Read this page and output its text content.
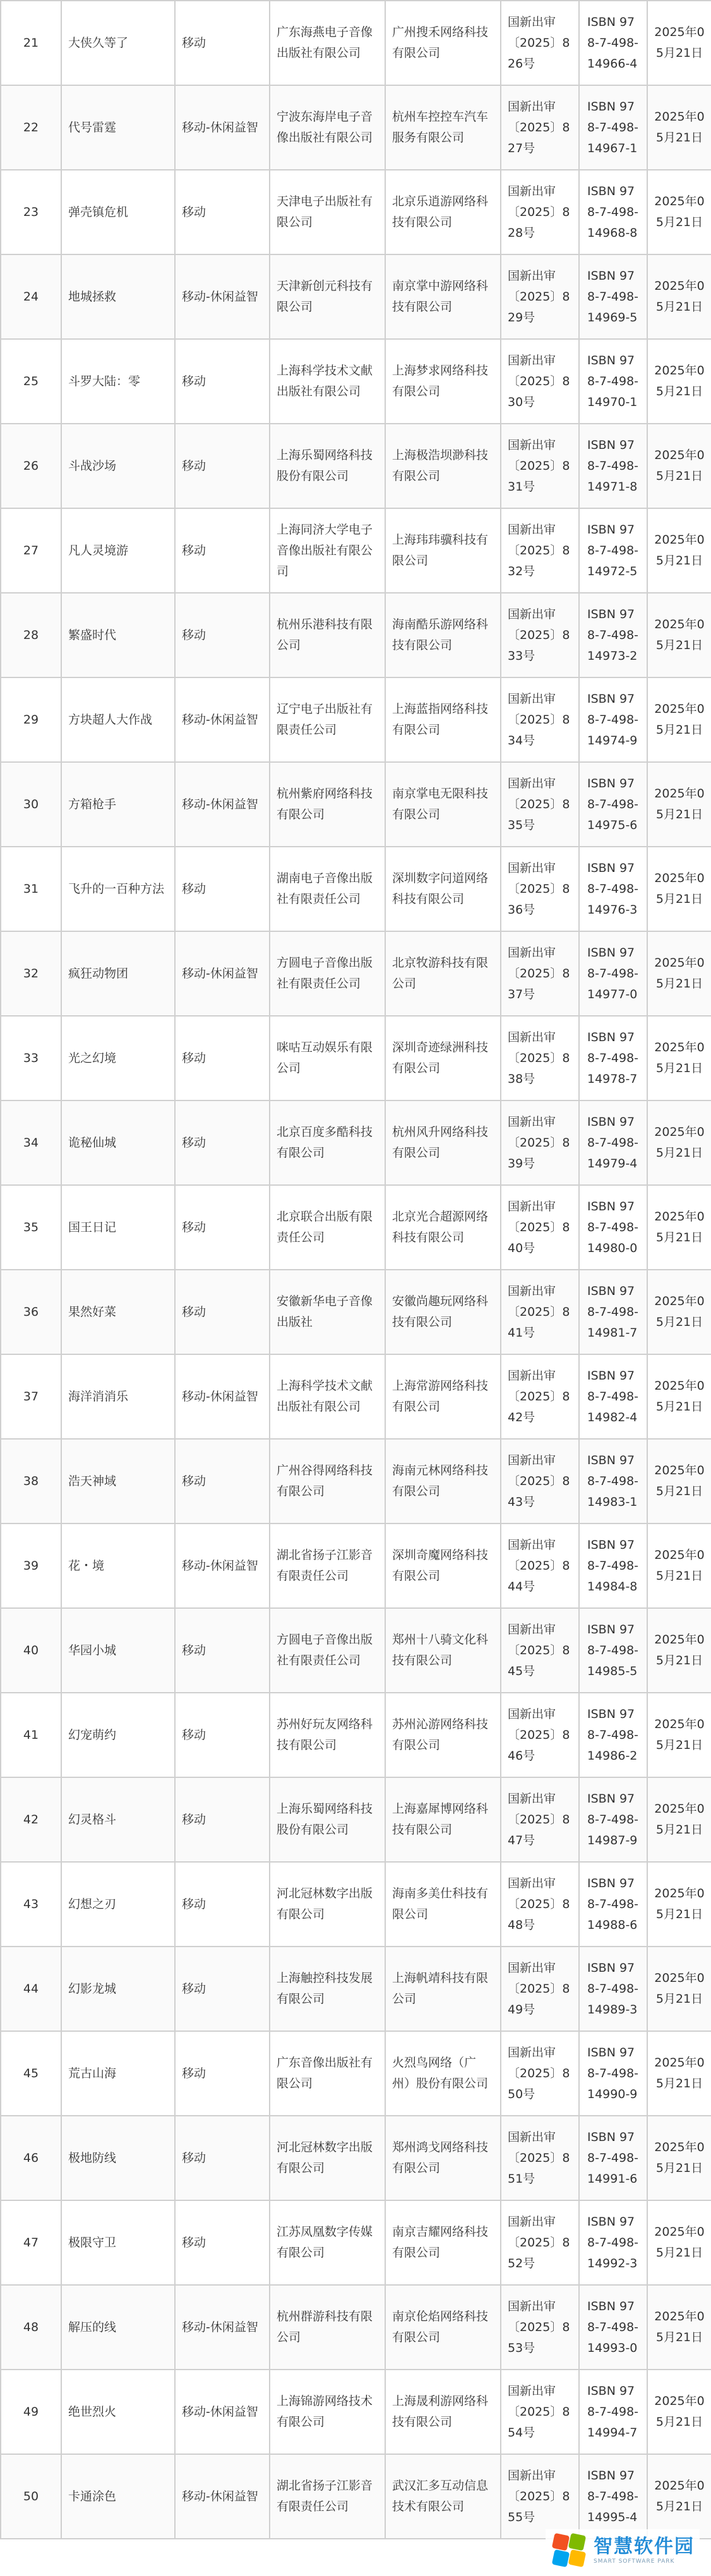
21	大侠久等了	移动	广东海燕电子音像出版社有限公司	广州搜禾网络科技有限公司	国新出审〔2025〕826号	ISBN 978-7-498-14966-4	2025年05月21日
22	代号雷霆	移动-休闲益智	宁波东海岸电子音像出版社有限公司	杭州车控控车汽车服务有限公司	国新出审〔2025〕827号	ISBN 978-7-498-14967-1	2025年05月21日
23	弹壳镇危机	移动	天津电子出版社有限公司	北京乐逍游网络科技有限公司	国新出审〔2025〕828号	ISBN 978-7-498-14968-8	2025年05月21日
24	地城拯救	移动-休闲益智	天津新创元科技有限公司	南京掌中游网络科技有限公司	国新出审〔2025〕829号	ISBN 978-7-498-14969-5	2025年05月21日
25	斗罗大陆：零	移动	上海科学技术文献出版社有限公司	上海梦求网络科技有限公司	国新出审〔2025〕830号	ISBN 978-7-498-14970-1	2025年05月21日
26	斗战沙场	移动	上海乐蜀网络科技股份有限公司	上海极浩坝渺科技有限公司	国新出审〔2025〕831号	ISBN 978-7-498-14971-8	2025年05月21日
27	凡人灵境游	移动	上海同济大学电子音像出版社有限公司	上海玮玮骥科技有限公司	国新出审〔2025〕832号	ISBN 978-7-498-14972-5	2025年05月21日
28	繁盛时代	移动	杭州乐港科技有限公司	海南酷乐游网络科技有限公司	国新出审〔2025〕833号	ISBN 978-7-498-14973-2	2025年05月21日
29	方块超人大作战	移动-休闲益智	辽宁电子出版社有限责任公司	上海蓝指网络科技有限公司	国新出审〔2025〕834号	ISBN 978-7-498-14974-9	2025年05月21日
30	方箱枪手	移动-休闲益智	杭州紫府网络科技有限公司	南京掌电无限科技有限公司	国新出审〔2025〕835号	ISBN 978-7-498-14975-6	2025年05月21日
31	飞升的一百种方法	移动	湖南电子音像出版社有限责任公司	深圳数字问道网络科技有限公司	国新出审〔2025〕836号	ISBN 978-7-498-14976-3	2025年05月21日
32	疯狂动物团	移动-休闲益智	方圆电子音像出版社有限责任公司	北京牧游科技有限公司	国新出审〔2025〕837号	ISBN 978-7-498-14977-0	2025年05月21日
33	光之幻境	移动	咪咕互动娱乐有限公司	深圳奇迹绿洲科技有限公司	国新出审〔2025〕838号	ISBN 978-7-498-14978-7	2025年05月21日
34	诡秘仙城	移动	北京百度多酷科技有限公司	杭州风升网络科技有限公司	国新出审〔2025〕839号	ISBN 978-7-498-14979-4	2025年05月21日
35	国王日记	移动	北京联合出版有限责任公司	北京光合超源网络科技有限公司	国新出审〔2025〕840号	ISBN 978-7-498-14980-0	2025年05月21日
36	果然好菜	移动	安徽新华电子音像出版社	安徽尚趣玩网络科技有限公司	国新出审〔2025〕841号	ISBN 978-7-498-14981-7	2025年05月21日
37	海洋消消乐	移动-休闲益智	上海科学技术文献出版社有限公司	上海常游网络科技有限公司	国新出审〔2025〕842号	ISBN 978-7-498-14982-4	2025年05月21日
38	浩天神域	移动	广州谷得网络科技有限公司	海南元林网络科技有限公司	国新出审〔2025〕843号	ISBN 978-7-498-14983-1	2025年05月21日
39	花・境	移动-休闲益智	湖北省扬子江影音有限责任公司	深圳奇魔网络科技有限公司	国新出审〔2025〕844号	ISBN 978-7-498-14984-8	2025年05月21日
40	华园小城	移动	方圆电子音像出版社有限责任公司	郑州十八骑文化科技有限公司	国新出审〔2025〕845号	ISBN 978-7-498-14985-5	2025年05月21日
41	幻宠萌约	移动	苏州好玩友网络科技有限公司	苏州沁游网络科技有限公司	国新出审〔2025〕846号	ISBN 978-7-498-14986-2	2025年05月21日
42	幻灵格斗	移动	上海乐蜀网络科技股份有限公司	上海嘉犀博网络科技有限公司	国新出审〔2025〕847号	ISBN 978-7-498-14987-9	2025年05月21日
43	幻想之刃	移动	河北冠林数字出版有限公司	海南多美仕科技有限公司	国新出审〔2025〕848号	ISBN 978-7-498-14988-6	2025年05月21日
44	幻影龙城	移动	上海触控科技发展有限公司	上海帆靖科技有限公司	国新出审〔2025〕849号	ISBN 978-7-498-14989-3	2025年05月21日
45	荒古山海	移动	广东音像出版社有限公司	火烈鸟网络（广州）股份有限公司	国新出审〔2025〕850号	ISBN 978-7-498-14990-9	2025年05月21日
46	极地防线	移动	河北冠林数字出版有限公司	郑州鸿戈网络科技有限公司	国新出审〔2025〕851号	ISBN 978-7-498-14991-6	2025年05月21日
47	极限守卫	移动	江苏凤凰数字传媒有限公司	南京吉耀网络科技有限公司	国新出审〔2025〕852号	ISBN 978-7-498-14992-3	2025年05月21日
48	解压的线	移动-休闲益智	杭州群游科技有限公司	南京伦焰网络科技有限公司	国新出审〔2025〕853号	ISBN 978-7-498-14993-0	2025年05月21日
49	绝世烈火	移动-休闲益智	上海锦游网络技术有限公司	上海晟利游网络科技有限公司	国新出审〔2025〕854号	ISBN 978-7-498-14994-7	2025年05月21日
50	卡通涂色	移动-休闲益智	湖北省扬子江影音有限责任公司	武汉汇多互动信息技术有限公司	国新出审〔2025〕855号	ISBN 978-7-498-14995-4	2025年05月21日
智慧软件园
SMART SOFTWARE PARK
